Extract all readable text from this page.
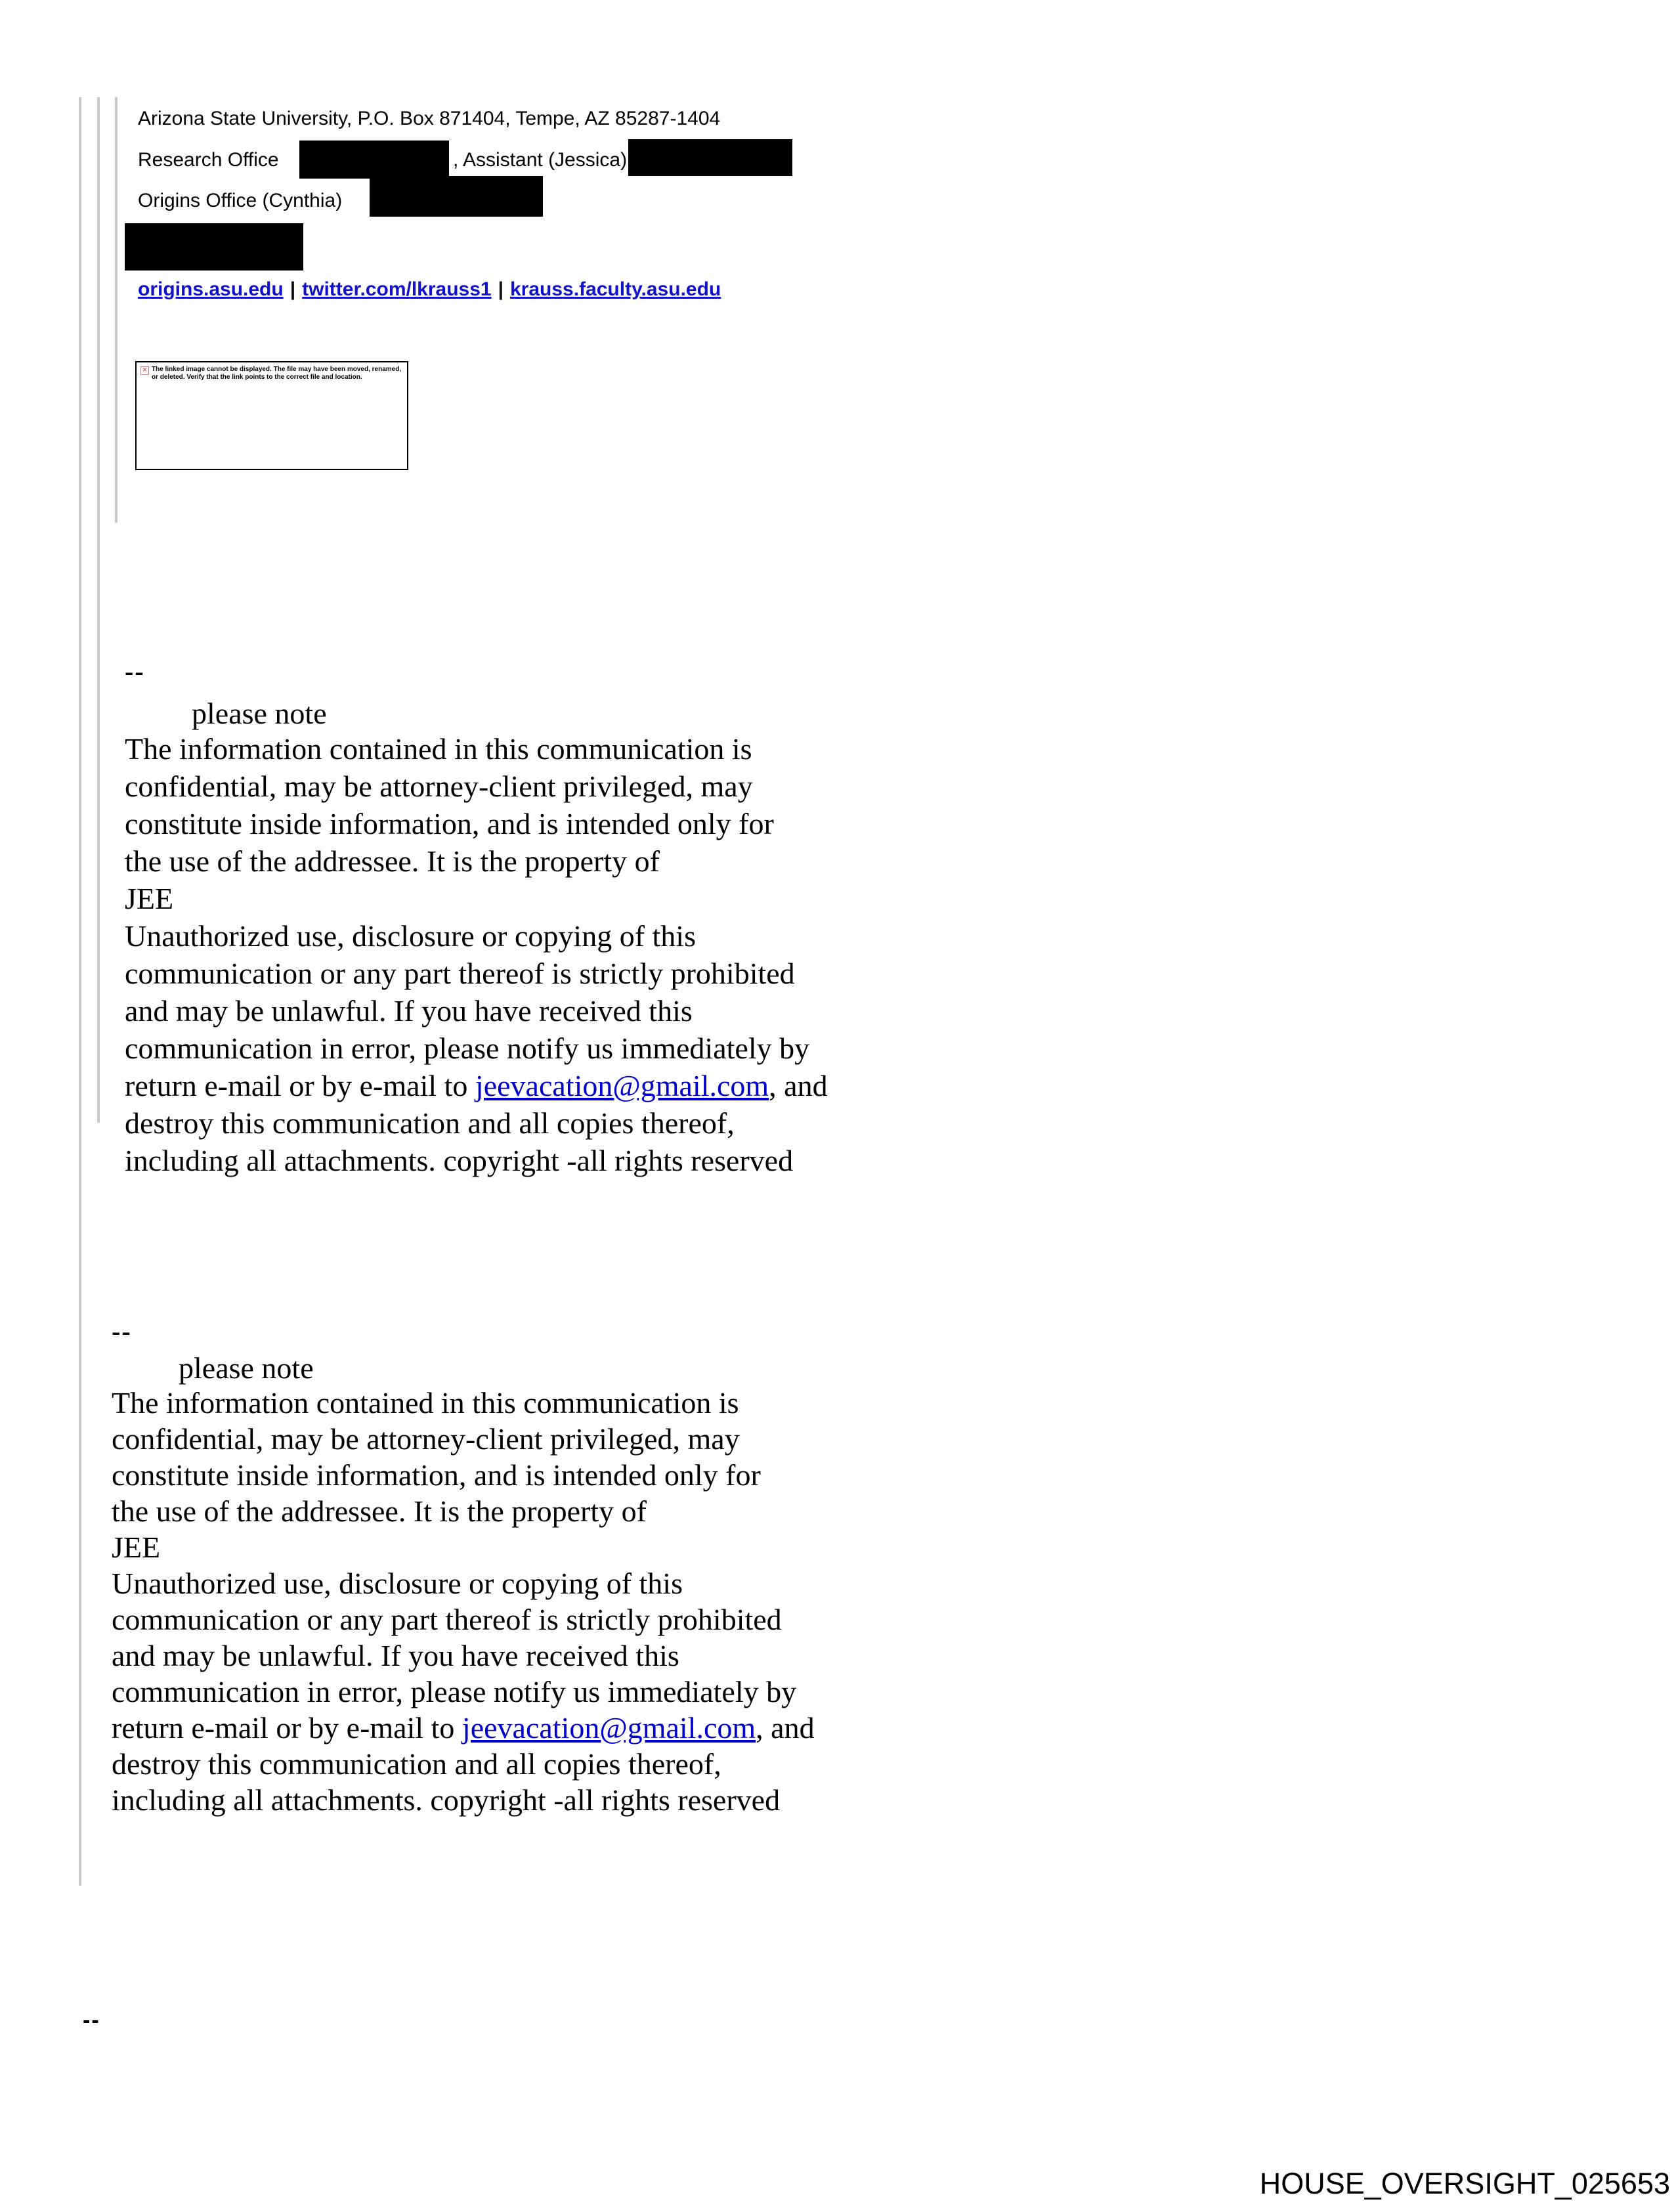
Arizona State University, P.O. Box 871404, Tempe, AZ 85287-1404
Research Office	, Assistant (Jessica)
Origins Office (Cynthia)
origins.asu.edu | twitter.com/lkrauss1 | krauss.faculty.asu.edu
✕ The linked image cannot be displayed. The file may have been moved, renamed, or deleted. Verify that the link points to the correct file and location.
--
please note
The information contained in this communication is
confidential, may be attorney-client privileged, may
constitute inside information, and is intended only for
the use of the addressee. It is the property of
JEE
Unauthorized use, disclosure or copying of this
communication or any part thereof is strictly prohibited
and may be unlawful. If you have received this
communication in error, please notify us immediately by
return e-mail or by e-mail to jeevacation@gmail.com, and
destroy this communication and all copies thereof,
including all attachments. copyright -all rights reserved
--
please note
The information contained in this communication is
confidential, may be attorney-client privileged, may
constitute inside information, and is intended only for
the use of the addressee. It is the property of
JEE
Unauthorized use, disclosure or copying of this
communication or any part thereof is strictly prohibited
and may be unlawful. If you have received this
communication in error, please notify us immediately by
return e-mail or by e-mail to jeevacation@gmail.com, and
destroy this communication and all copies thereof,
including all attachments. copyright -all rights reserved
--
HOUSE_OVERSIGHT_025653
